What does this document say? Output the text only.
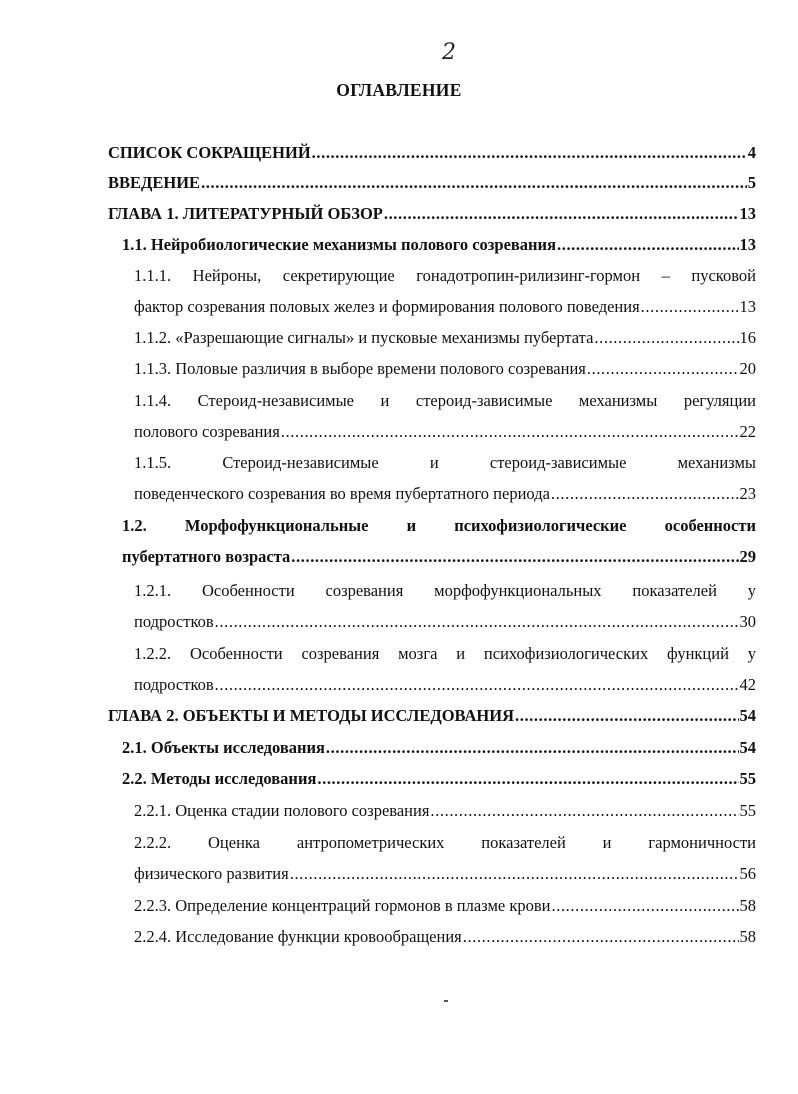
2
ОГЛАВЛЕНИЕ
СПИСОК СОКРАЩЕНИЙ .....	4
ВВЕДЕНИЕ .....	5
ГЛАВА 1. ЛИТЕРАТУРНЫЙ ОБЗОР .....	13
1.1. Нейробиологические механизмы полового созревания .....	13
1.1.1. Нейроны, секретирующие гонадотропин-рилизинг-гормон – пусковой
фактор созревания половых желез и формирования полового поведения .....	13
1.1.2. «Разрешающие сигналы» и пусковые механизмы пубертата .....	16
1.1.3. Половые различия в выборе времени полового созревания .....	20
1.1.4. Стероид-независимые и стероид-зависимые механизмы регуляции
полового созревания .....	22
1.1.5. Стероид-независимые и стероид-зависимые механизмы
поведенческого созревания во время пубертатного периода .....	23
1.2. Морфофункциональные и психофизиологические особенности
пубертатного возраста .....	29
1.2.1. Особенности созревания морфофункциональных показателей у
подростков .....	30
1.2.2. Особенности созревания мозга и психофизиологических функций у
подростков .....	42
ГЛАВА 2. ОБЪЕКТЫ И МЕТОДЫ ИССЛЕДОВАНИЯ .....	54
2.1. Объекты исследования .....	54
2.2. Методы исследования .....	55
2.2.1. Оценка стадии полового созревания .....	55
2.2.2. Оценка антропометрических показателей и гармоничности
физического развития .....	56
2.2.3. Определение концентраций гормонов в плазме крови .....	58
2.2.4. Исследование функции кровообращения .....	58
